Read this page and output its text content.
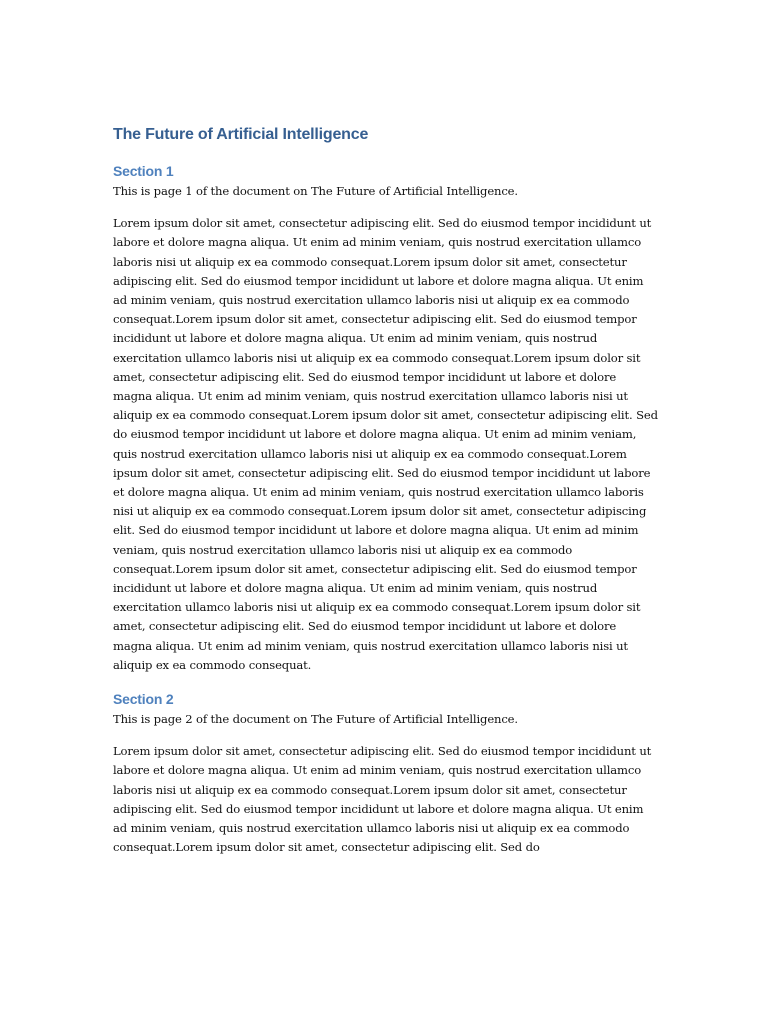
The Future of Artificial Intelligence
Section 1

This is page 1 of the document on The Future of Artificial Intelligence.

Lorem ipsum dolor sit amet, consectetur adipiscing elit. Sed do eiusmod tempor incididunt ut labore et dolore magna aliqua. Ut enim ad minim veniam, quis nostrud exercitation ullamco laboris nisi ut aliquip ex ea commodo consequat.Lorem ipsum dolor sit amet, consectetur adipiscing elit. Sed do eiusmod tempor incididunt ut labore et dolore magna aliqua. Ut enim ad minim veniam, quis nostrud exercitation ullamco laboris nisi ut aliquip ex ea commodo consequat.Lorem ipsum dolor sit amet, consectetur adipiscing elit. Sed do eiusmod tempor incididunt ut labore et dolore magna aliqua. Ut enim ad minim veniam, quis nostrud exercitation ullamco laboris nisi ut aliquip ex ea commodo consequat.Lorem ipsum dolor sit amet, consectetur adipiscing elit. Sed do eiusmod tempor incididunt ut labore et dolore magna aliqua. Ut enim ad minim veniam, quis nostrud exercitation ullamco laboris nisi ut aliquip ex ea commodo consequat.Lorem ipsum dolor sit amet, consectetur adipiscing elit. Sed do eiusmod tempor incididunt ut labore et dolore magna aliqua. Ut enim ad minim veniam, quis nostrud exercitation ullamco laboris nisi ut aliquip ex ea commodo consequat.Lorem ipsum dolor sit amet, consectetur adipiscing elit. Sed do eiusmod tempor incididunt ut labore et dolore magna aliqua. Ut enim ad minim veniam, quis nostrud exercitation ullamco laboris nisi ut aliquip ex ea commodo consequat.Lorem ipsum dolor sit amet, consectetur adipiscing elit. Sed do eiusmod tempor incididunt ut labore et dolore magna aliqua. Ut enim ad minim veniam, quis nostrud exercitation ullamco laboris nisi ut aliquip ex ea commodo consequat.Lorem ipsum dolor sit amet, consectetur adipiscing elit. Sed do eiusmod tempor incididunt ut labore et dolore magna aliqua. Ut enim ad minim veniam, quis nostrud exercitation ullamco laboris nisi ut aliquip ex ea commodo consequat.Lorem ipsum dolor sit amet, consectetur adipiscing elit. Sed do eiusmod tempor incididunt ut labore et dolore magna aliqua. Ut enim ad minim veniam, quis nostrud exercitation ullamco laboris nisi ut aliquip ex ea commodo consequat.

Section 2

This is page 2 of the document on The Future of Artificial Intelligence.

Lorem ipsum dolor sit amet, consectetur adipiscing elit. Sed do eiusmod tempor incididunt ut labore et dolore magna aliqua. Ut enim ad minim veniam, quis nostrud exercitation ullamco laboris nisi ut aliquip ex ea commodo consequat.Lorem ipsum dolor sit amet, consectetur adipiscing elit. Sed do eiusmod tempor incididunt ut labore et dolore magna aliqua. Ut enim ad minim veniam, quis nostrud exercitation ullamco laboris nisi ut aliquip ex ea commodo consequat.Lorem ipsum dolor sit amet, consectetur adipiscing elit. Sed do
